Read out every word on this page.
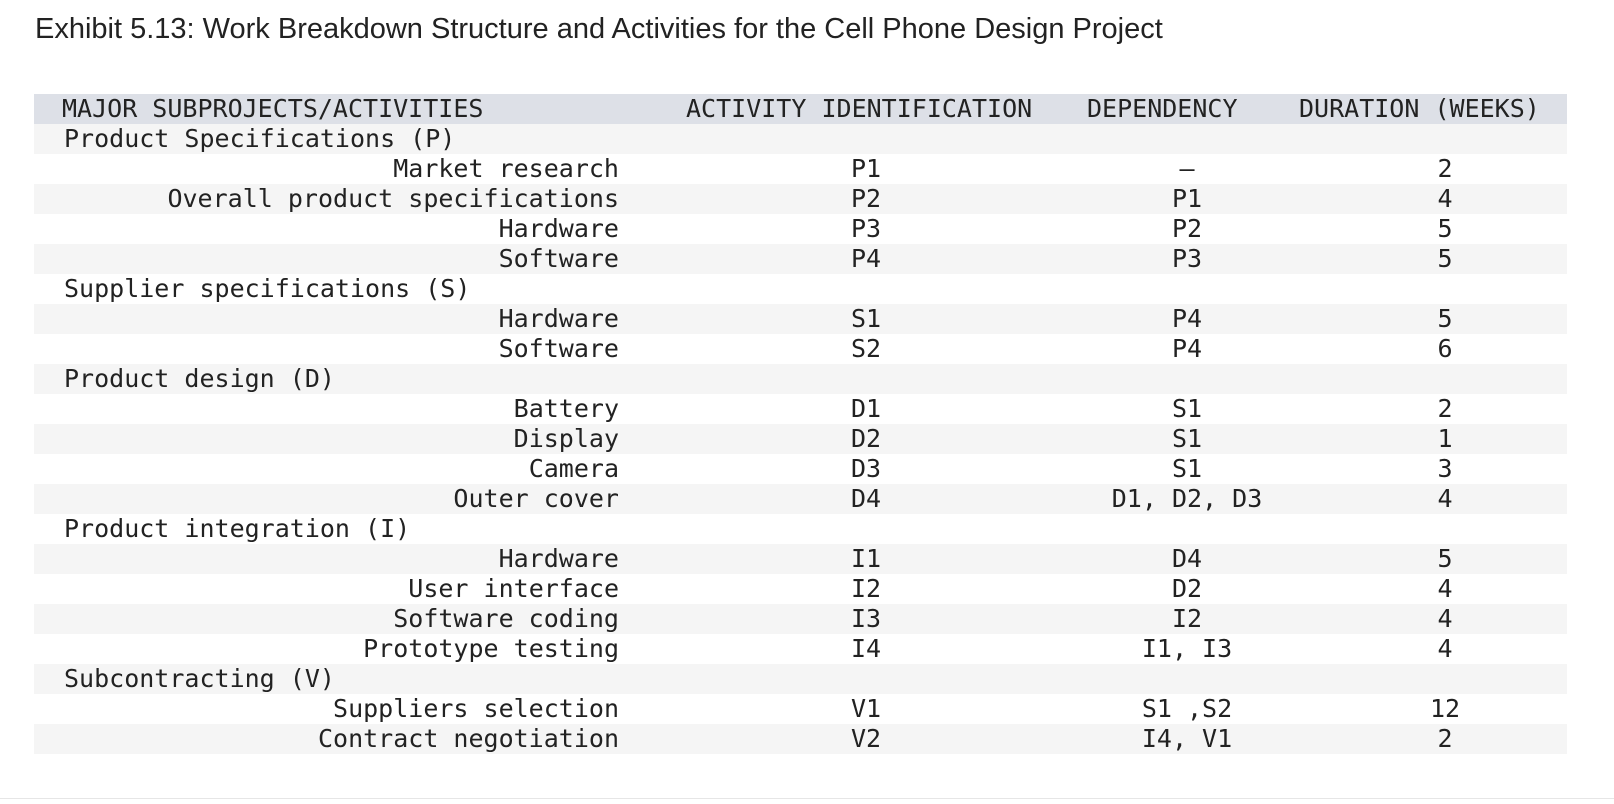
Exhibit 5.13: Work Breakdown Structure and Activities for the Cell Phone Design Project
MAJOR SUBPROJECTS/ACTIVITIES	ACTIVITY IDENTIFICATION	DEPENDENCY	DURATION (WEEKS)
Product Specifications (P)			
Market research	P1	–	2
Overall product specifications	P2	P1	4
Hardware	P3	P2	5
Software	P4	P3	5
Supplier specifications (S)			
Hardware	S1	P4	5
Software	S2	P4	6
Product design (D)			
Battery	D1	S1	2
Display	D2	S1	1
Camera	D3	S1	3
Outer cover	D4	D1, D2, D3	4
Product integration (I)			
Hardware	I1	D4	5
User interface	I2	D2	4
Software coding	I3	I2	4
Prototype testing	I4	I1, I3	4
Subcontracting (V)			
Suppliers selection	V1	S1 ,S2	12
Contract negotiation	V2	I4, V1	2
